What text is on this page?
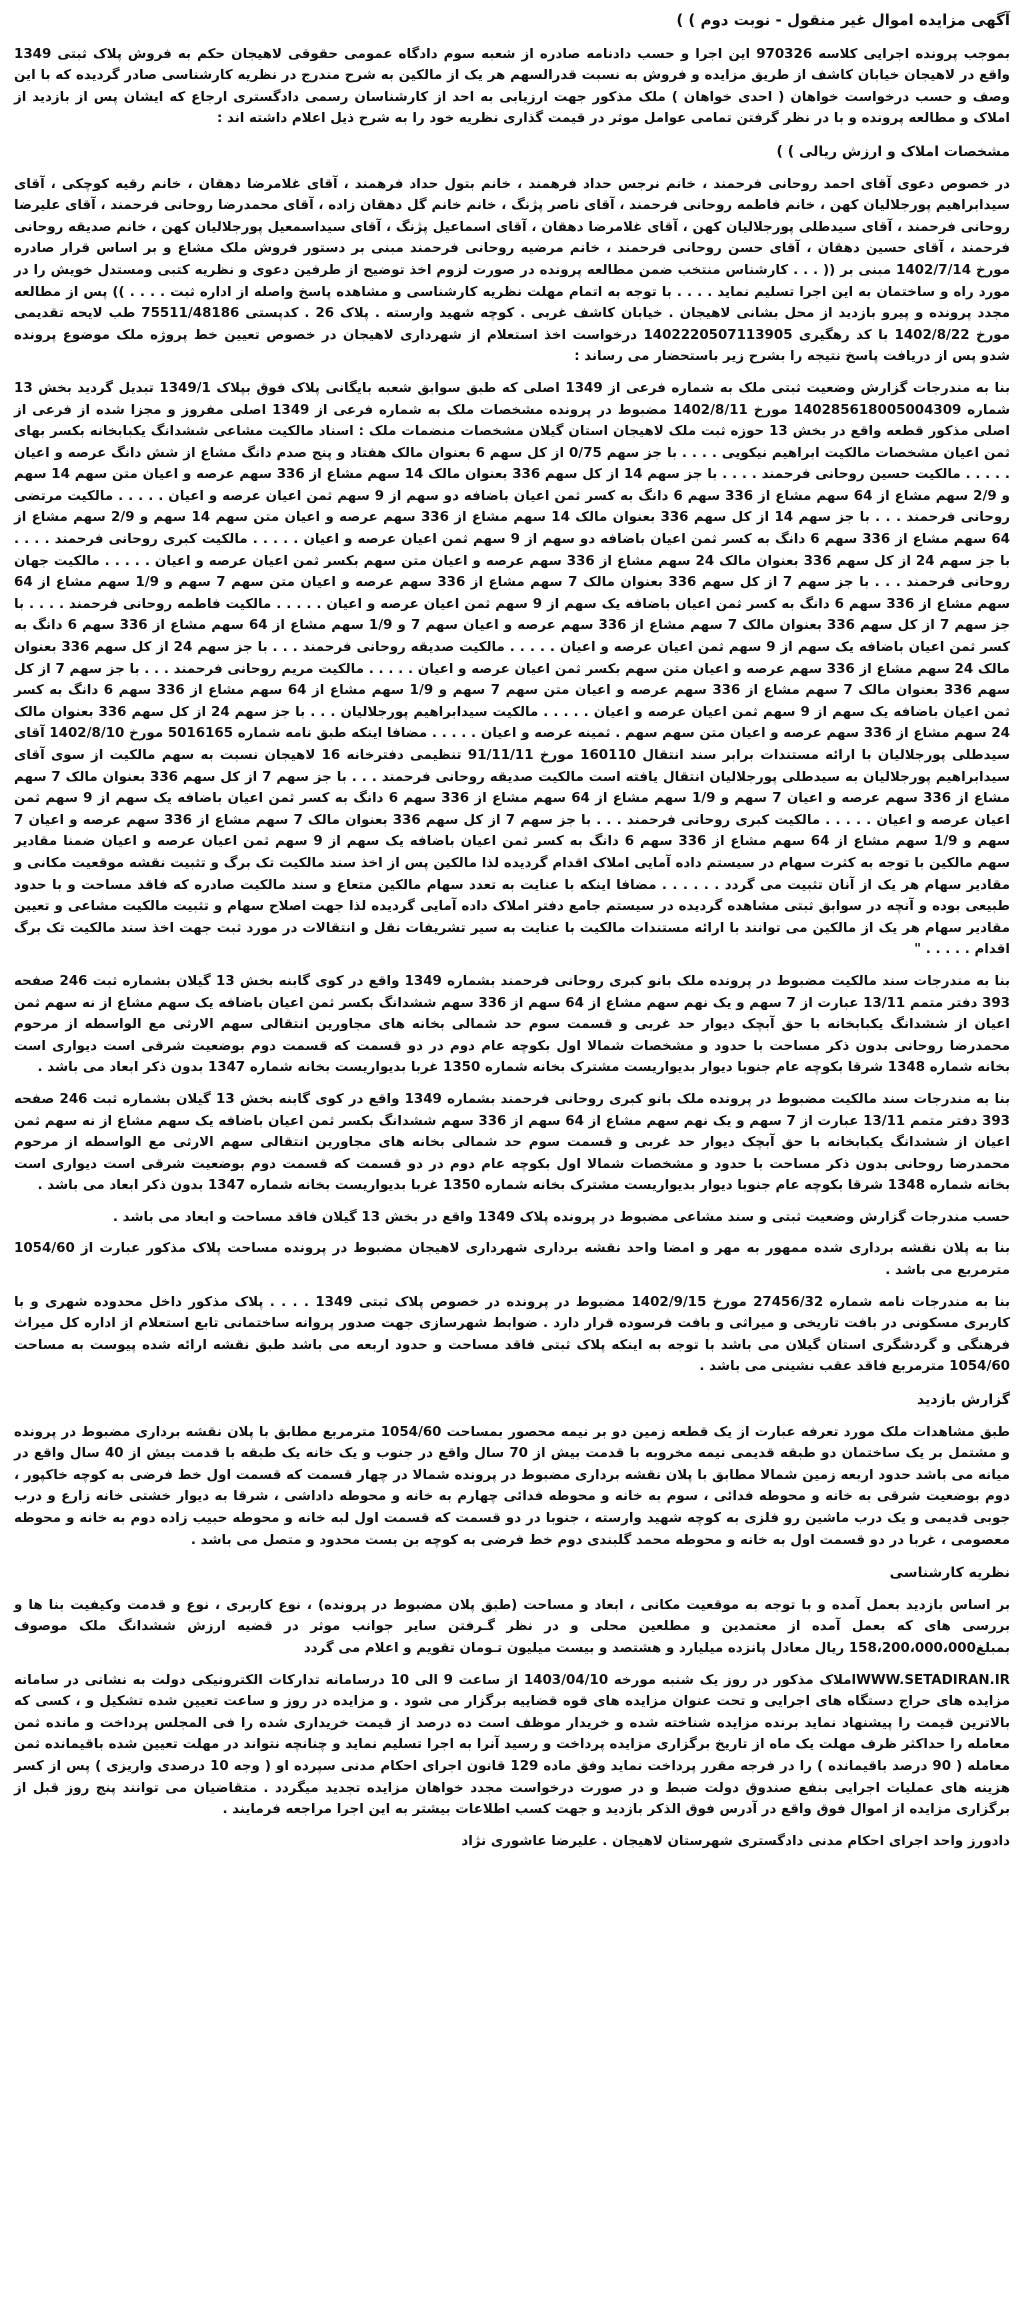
آگهی مزایده اموال غیر منقول - نوبت دوم ) )

بموجب پرونده اجرایی کلاسه 970326 این اجرا و حسب دادنامه صادره از شعبه سوم دادگاه عمومی حقوقی لاهیجان حکم به فروش پلاک ثبتی 1349 واقع در لاهیجان خیابان کاشف از طریق مزایده و فروش به نسبت قدرالسهم هر یک از مالکین به شرح مندرج در نظریه کارشناسی صادر گردیده که با این وصف و حسب درخواست خواهان ( احدی خواهان ) ملک مذکور جهت ارزیابی به احد از کارشناسان رسمی دادگستری ارجاع که ایشان پس از بازدید از املاک و مطالعه پرونده و با در نظر گرفتن تمامی عوامل موثر در قیمت گذاری نظریه خود را به شرح ذیل اعلام داشته اند :

مشخصات املاک و ارزش ریالی ) )

در خصوص دعوی آقای احمد روحانی فرحمند ، خانم نرجس حداد فرهمند ، خانم بتول حداد فرهمند ، آقای غلامرضا دهقان ، خانم رقیه کوچکی ، آقای سیدابراهیم پورجلالیان کهن ، خانم فاطمه روحانی فرحمند ، آقای ناصر پژنگ ، خانم خانم گل دهقان زاده ، آقای محمدرضا روحانی فرحمند ، آقای علیرضا روحانی فرحمند ، آقای سیدطلی پورجلالیان کهن ، آقای غلامرضا دهقان ، آقای اسماعیل پژنگ ، آقای سیداسمعیل پورجلالیان کهن ، خانم صدیقه روحانی فرحمند ، آقای حسین دهقان ، آقای حسن روحانی فرحمند ، خانم مرضیه روحانی فرحمند مبنی بر دستور فروش ملک مشاع و بر اساس قرار صادره مورخ 1402/7/14 مبنی بر (( . . . کارشناس منتخب ضمن مطالعه پرونده در صورت لزوم اخذ توضیح از طرفین دعوی و نظریه کتبی ومستدل خویش را در مورد راه و ساختمان به این اجرا تسلیم نماید . . . . با توجه به اتمام مهلت نظریه کارشناسی و مشاهده پاسخ واصله از اداره ثبت . . . . )) پس از مطالعه مجدد پرونده و پیرو بازدید از محل بشانی لاهیجان . خیابان کاشف غربی . کوچه شهید وارسته . پلاک 26 . کدپستی 75511/48186 طب لایحه تقدیمی مورخ 1402/8/22 با کد رهگیری 1402220507113905 درخواست اخذ استعلام از شهرداری لاهیجان در خصوص تعیین خط پروژه ملک موضوع پرونده شدو پس از دریافت پاسخ نتیجه را بشرح زیر باستحضار می رساند :

بنا به مندرجات گزارش وضعیت ثبتی ملک به شماره فرعی از 1349 اصلی که طبق سوابق شعبه بایگانی پلاک فوق بپلاک 1349/1 تبدیل گردید بخش 13 شماره 140285618005004309 مورخ 1402/8/11 مضبوط در پرونده مشخصات ملک به شماره فرعی از 1349 اصلی مفروز و مجزا شده از فرعی از اصلی مذکور قطعه واقع در بخش 13 حوزه ثبت ملک لاهیجان استان گیلان مشخصات منضمات ملک : اسناد مالکیت مشاعی ششدانگ یکبابخانه بکسر بهای ثمن اعیان مشخصات مالکیت ابراهیم نیکویی . . . . با جز سهم 0/75 از کل سهم 6 بعنوان مالک هفتاد و پنج صدم دانگ مشاع از شش دانگ عرصه و اعیان . . . . . مالکیت حسین روحانی فرحمند . . . . با جز سهم 14 از کل سهم 336 بعنوان مالک 14 سهم مشاع از 336 سهم عرصه و اعیان متن سهم 14 سهم و 2/9 سهم مشاع از 64 سهم مشاع از 336 سهم 6 دانگ به کسر ثمن اعیان باضافه دو سهم از 9 سهم ثمن اعیان عرصه و اعیان . . . . . مالکیت مرتضی روحانی فرحمند . . . با جز سهم 14 از کل سهم 336 بعنوان مالک 14 سهم مشاع از 336 سهم عرصه و اعیان متن سهم 14 سهم و 2/9 سهم مشاع از 64 سهم مشاع از 336 سهم 6 دانگ به کسر ثمن اعیان باضافه دو سهم از 9 سهم ثمن اعیان عرصه و اعیان . . . . . مالکیت کبری روحانی فرحمند . . . . با جز سهم 24 از کل سهم 336 بعنوان مالک 24 سهم مشاع از 336 سهم عرصه و اعیان متن سهم بکسر ثمن اعیان عرصه و اعیان . . . . . مالکیت جهان روحانی فرحمند . . . با جز سهم 7 از کل سهم 336 بعنوان مالک 7 سهم مشاع از 336 سهم عرصه و اعیان متن سهم 7 سهم و 1/9 سهم مشاع از 64 سهم مشاع از 336 سهم 6 دانگ به کسر ثمن اعیان باضافه یک سهم از 9 سهم ثمن اعیان عرصه و اعیان . . . . . مالکیت فاطمه روحانی فرحمند . . . . با جز سهم 7 از کل سهم 336 بعنوان مالک 7 سهم مشاع از 336 سهم عرصه و اعیان سهم 7 و 1/9 سهم مشاع از 64 سهم مشاع از 336 سهم 6 دانگ به کسر ثمن اعیان باضافه یک سهم از 9 سهم ثمن اعیان عرصه و اعیان . . . . . مالکیت صدیقه روحانی فرحمند . . . با جز سهم 24 از کل سهم 336 بعنوان مالک 24 سهم مشاع از 336 سهم عرصه و اعیان متن سهم بکسر ثمن اعیان عرصه و اعیان . . . . . مالکیت مریم روحانی فرحمند . . . با جز سهم 7 از کل سهم 336 بعنوان مالک 7 سهم مشاع از 336 سهم عرصه و اعیان متن سهم 7 سهم و 1/9 سهم مشاع از 64 سهم مشاع از 336 سهم 6 دانگ به کسر ثمن اعیان باضافه یک سهم از 9 سهم ثمن اعیان عرصه و اعیان . . . . . مالکیت سیدابراهیم پورجلالیان . . . با جز سهم 24 از کل سهم 336 بعنوان مالک 24 سهم مشاع از 336 سهم عرصه و اعیان متن سهم سهم . ثمینه عرصه و اعیان . . . . . مضافا اینکه طبق نامه شماره 5016165 مورخ 1402/8/10 آقای سیدطلی پورجلالیان با ارائه مستندات برابر سند انتقال 160110 مورخ 91/11/11 تنظیمی دفترخانه 16 لاهیجان نسبت به سهم مالکیت از سوی آقای سیدابراهیم پورجلالیان به سیدطلی پورجلالیان انتقال یافته است مالکیت صدیقه روحانی فرحمند . . . با جز سهم 7 از کل سهم 336 بعنوان مالک 7 سهم مشاع از 336 سهم عرصه و اعیان 7 سهم و 1/9 سهم مشاع از 64 سهم مشاع از 336 سهم 6 دانگ به کسر ثمن اعیان باضافه یک سهم از 9 سهم ثمن اعیان عرصه و اعیان . . . . . مالکیت کبری روحانی فرحمند . . . با جز سهم 7 از کل سهم 336 بعنوان مالک 7 سهم مشاع از 336 سهم عرصه و اعیان 7 سهم و 1/9 سهم مشاع از 64 سهم مشاع از 336 سهم 6 دانگ به کسر ثمن اعیان باضافه یک سهم از 9 سهم ثمن اعیان عرصه و اعیان ضمنا مقادیر سهم مالکین با توجه به کثرت سهام در سیستم داده آمایی املاک اقدام گردیده لذا مالکین پس از اخذ سند مالکیت تک برگ و تثبیت نقشه موقعیت مکانی و مقادیر سهام هر یک از آنان تثبیت می گردد . . . . . . مضافا اینکه با عنایت به تعدد سهام مالکین متعاع و سند مالکیت صادره که فاقد مساحت و با حدود طبیعی بوده و آنچه در سوابق ثبتی مشاهده گردیده در سیستم جامع دفتر املاک داده آمایی گردیده لذا جهت اصلاح سهام و تثبیت مالکیت مشاعی و تعیین مقادیر سهام هر یک از مالکین می توانند با ارائه مستندات مالکیت با عنایت به سیر تشریفات نقل و انتقالات در مورد ثبت جهت اخذ سند مالکیت تک برگ اقدام . . . . . "

بنا به مندرجات سند مالکیت مضبوط در پرونده ملک بانو کبری روحانی فرحمند بشماره 1349 واقع در کوی گابنه بخش 13 گیلان بشماره ثبت 246 صفحه 393 دفتر متمم 13/11 عبارت از 7 سهم و یک نهم سهم مشاع از 64 سهم از 336 سهم ششدانگ بکسر ثمن اعیان باضافه یک سهم مشاع از نه سهم ثمن اعیان از ششدانگ یکبابخانه با حق آبچک دیوار حد غربی و قسمت سوم حد شمالی بخانه های مجاورین انتقالی سهم الارثی مع الواسطه از مرحوم محمدرضا روحانی بدون ذکر مساحت با حدود و مشخصات شمالا اول بکوچه عام دوم در دو قسمت که قسمت دوم بوضعیت شرقی است دیواری است بخانه شماره 1348 شرقا بکوچه عام جنوبا دیوار بدیواریست مشترک بخانه شماره 1350 غربا بدیواریست بخانه شماره 1347 بدون ذکر ابعاد می باشد .

بنا به مندرجات سند مالکیت مضبوط در پرونده ملک بانو کبری روحانی فرحمند بشماره 1349 واقع در کوی گابنه بخش 13 گیلان بشماره ثبت 246 صفحه 393 دفتر متمم 13/11 عبارت از 7 سهم و یک نهم سهم مشاع از 64 سهم از 336 سهم ششدانگ بکسر ثمن اعیان باضافه یک سهم مشاع از نه سهم ثمن اعیان از ششدانگ یکبابخانه با حق آبچک دیوار حد غربی و قسمت سوم حد شمالی بخانه های مجاورین انتقالی سهم الارثی مع الواسطه از مرحوم محمدرضا روحانی بدون ذکر مساحت با حدود و مشخصات شمالا اول بکوچه عام دوم در دو قسمت که قسمت دوم بوضعیت شرقی است دیواری است بخانه شماره 1348 شرقا بکوچه عام جنوبا دیوار بدیواریست مشترک بخانه شماره 1350 غربا بدیواریست بخانه شماره 1347 بدون ذکر ابعاد می باشد .

حسب مندرجات گزارش وضعیت ثبتی و سند مشاعی مضبوط در پرونده پلاک 1349 واقع در بخش 13 گیلان فاقد مساحت و ابعاد می باشد .

بنا به پلان نقشه برداری شده ممهور به مهر و امضا واحد نقشه برداری شهرداری لاهیجان مضبوط در پرونده مساحت پلاک مذکور عبارت از 1054/60 مترمربع می باشد .

بنا به مندرجات نامه شماره 27456/32 مورخ 1402/9/15 مضبوط در پرونده در خصوص پلاک ثبتی 1349 . . . . پلاک مذکور داخل محدوده شهری و با کاربری مسکونی در بافت تاریخی و میراثی و بافت فرسوده قرار دارد . ضوابط شهرسازی جهت صدور پروانه ساختمانی تابع استعلام از اداره کل میراث فرهنگی و گردشگری استان گیلان می باشد با توجه به اینکه پلاک ثبتی فاقد مساحت و حدود اربعه می باشد طبق نقشه ارائه شده پیوست به مساحت 1054/60 مترمربع فاقد عقب نشینی می باشد .

گزارش بازدید

طبق مشاهدات ملک مورد تعرفه عبارت از یک قطعه زمین دو بر نیمه محصور بمساحت 1054/60 مترمربع مطابق با پلان نقشه برداری مضبوط در پرونده و مشتمل بر یک ساختمان دو طبقه قدیمی نیمه مخروبه با قدمت بیش از 70 سال واقع در جنوب و یک خانه یک طبقه با قدمت بیش از 40 سال واقع در میانه می باشد حدود اربعه زمین شمالا مطابق با پلان نقشه برداری مضبوط در پرونده شمالا در چهار قسمت که قسمت اول خط فرضی به کوچه خاکپور ، دوم بوضعیت شرقی به خانه و محوطه فدائی ، سوم به خانه و محوطه فدائی چهارم به خانه و محوطه داداشی ، شرقا به دیوار خشتی خانه زارع و درب جوبی قدیمی و یک درب ماشین رو فلزی به کوچه شهید وارسته ، جنوبا در دو قسمت که قسمت اول لبه خانه و محوطه حبیب زاده دوم به خانه و محوطه معصومی ، غربا در دو قسمت اول به خانه و محوطه محمد گلبندی دوم خط فرضی به کوچه بن بست محدود و متصل می باشد .

نظریه کارشناسی

بر اساس بازدید بعمل آمده و با توجه به موقعیت مکانی ، ابعاد و مساحت (طبق پلان مضبوط در پرونده) ، نوع کاربری ، نوع و قدمت وکیفیت بنا ها و بررسی های که بعمل آمده از معتمدین و مطلعین محلی و در نظر گـرفتن سایر جوانب موثر در قضیه ارزش ششدانگ ملک موصوف بمبلغ158،200،000،000 ریال معادل پانزده میلیارد و هشتصد و بیست میلیون تـومان تقویم و اعلام می گردد

WWW.SETADIRAN.IRاملاک مذکور در روز یک شنبه مورخه 1403/04/10 از ساعت 9 الی 10 درسامانه تدارکات الکترونیکی دولت به نشانی در سامانه مزایده های حراج دستگاه های اجرایی و تحت عنوان مزایده های قوه قضاییه برگزار می شود . و مزایده در روز و ساعت تعیین شده تشکیل و ، کسی که بالاترین قیمت را پیشنهاد نماید برنده مزایده شناخته شده و خریدار موظف است ده درصد از قیمت خریداری شده را فی المجلس پرداخت و مانده ثمن معامله را حداکثر ظرف مهلت یک ماه از تاریخ برگزاری مزایده پرداخت و رسید آنرا به اجرا تسلیم نماید و چنانچه نتواند در مهلت تعیین شده باقیمانده ثمن معامله ( 90 درصد باقیمانده ) را در فرجه مقرر پرداخت نماید وفق ماده 129 قانون اجرای احکام مدنی سپرده او ( وجه 10 درصدی واریزی ) پس از کسر هزینه های عملیات اجرایی بنفع صندوق دولت ضبط و در صورت درخواست مجدد خواهان مزایده تجدید میگردد . متقاضیان می توانند پنج روز قبل از برگزاری مزایده از اموال فوق واقع در آدرس فوق الذکر بازدید و جهت کسب اطلاعات بیشتر به این اجرا مراجعه فرمایند .

دادورز واحد اجرای احکام مدنی دادگستری شهرستان لاهیجان . علیرضا عاشوری نژاد
